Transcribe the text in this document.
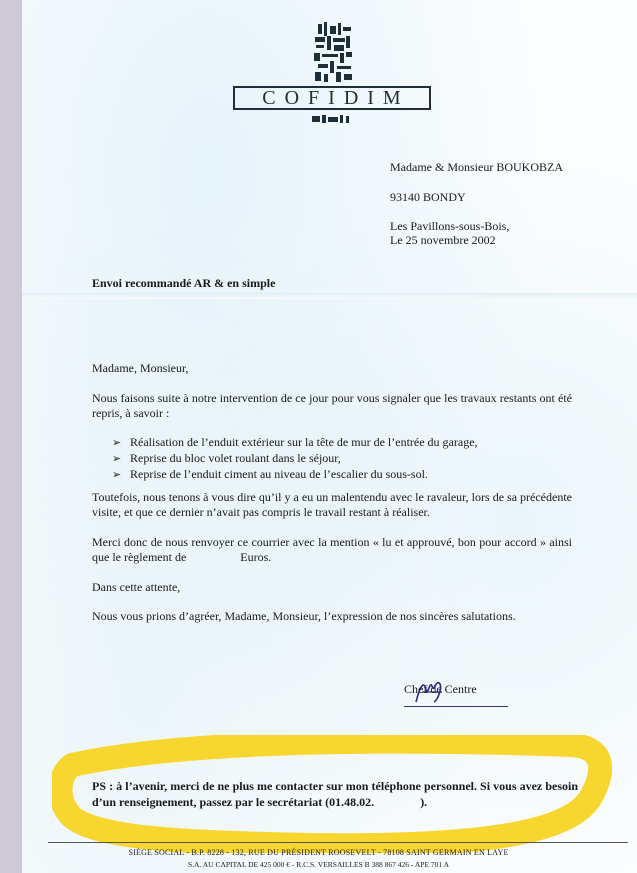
COFIDIM
Madame & Monsieur BOUKOBZA
93140 BONDY
Les Pavillons-sous-Bois,
Le 25 novembre 2002
Envoi recommandé AR & en simple
Madame, Monsieur,
Nous faisons suite à notre intervention de ce jour pour vous signaler que les travaux restants ont été repris, à savoir :
➢ Réalisation de l’enduit extérieur sur la tête de mur de l’entrée du garage,
➢ Reprise du bloc volet roulant dans le séjour,
➢ Reprise de l’enduit ciment au niveau de l’escalier du sous-sol.
Toutefois, nous tenons à vous dire qu’il y a eu un malentendu avec le ravaleur, lors de sa précédente visite, et que ce dernier n’avait pas compris le travail restant à réaliser.
Merci donc de nous renvoyer ce courrier avec la mention « lu et approuvé, bon pour accord » ainsi que le règlement de	Euros.
Dans cette attente,
Nous vous prions d’agréer, Madame, Monsieur, l’expression de nos sincères salutations.
Chef de Centre
PS : à l’avenir, merci de ne plus me contacter sur mon téléphone personnel. Si vous avez besoin d’un renseignement, passez par le secrétariat (01.48.02.	).
SIÈGE SOCIAL - B.P. 8228 - 132, RUE DU PRÉSIDENT ROOSEVELT - 78108 SAINT GERMAIN EN LAYE
S.A. AU CAPITAL DE 425 000 € - R.C.S. VERSAILLES B 388 867 426 - APE 701 A
